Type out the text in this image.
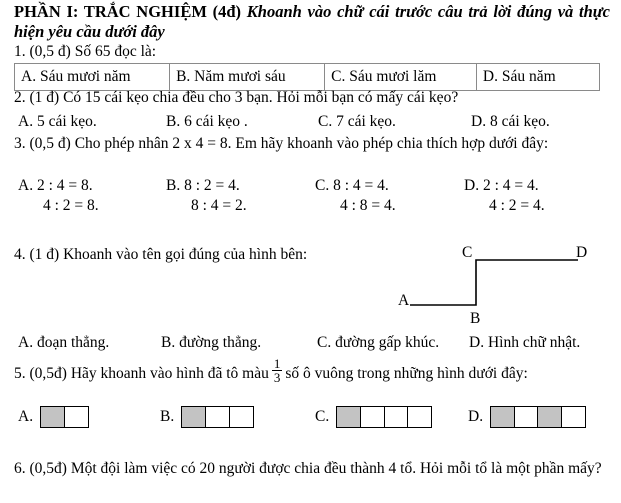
PHẦN I: TRẮC NGHIỆM (4đ) Khoanh vào chữ cái trước câu trả lời đúng và thực hiện yêu cầu dưới đây
1. (0,5 đ) Số 65 đọc là:
A. Sáu mươi năm	B. Năm mươi sáu	C. Sáu mươi lăm	D. Sáu năm
2. (1 đ) Có 15 cái kẹo chia đều cho 3 bạn. Hỏi mỗi bạn có mấy cái kẹo?
A. 5 cái kẹo.	B. 6 cái kẹo .	C. 7 cái kẹo.	D. 8 cái kẹo.
3. (0,5 đ) Cho phép nhân 2 x 4 = 8. Em hãy khoanh vào phép chia thích hợp dưới đây:
A. 2 : 4 = 8.	B. 8 : 2 = 4.	C. 8 : 4 = 4.	D. 2 : 4 = 4.
4 : 2 = 8.	8 : 4 = 2.	4 : 8 = 4.	4 : 2 = 4.
4. (1 đ) Khoanh vào tên gọi đúng của hình bên:
A
B
C	D
A. đoạn thẳng.	B. đường thẳng.	C. đường gấp khúc. D. Hình chữ nhật.
5. (0,5đ) Hãy khoanh vào hình đã tô màu $\frac{1}{3}$ số ô vuông trong những hình dưới đây:
A.	B.	C.	D.
6. (0,5đ) Một đội làm việc có 20 người được chia đều thành 4 tổ. Hỏi mỗi tổ là một phần mấy?
